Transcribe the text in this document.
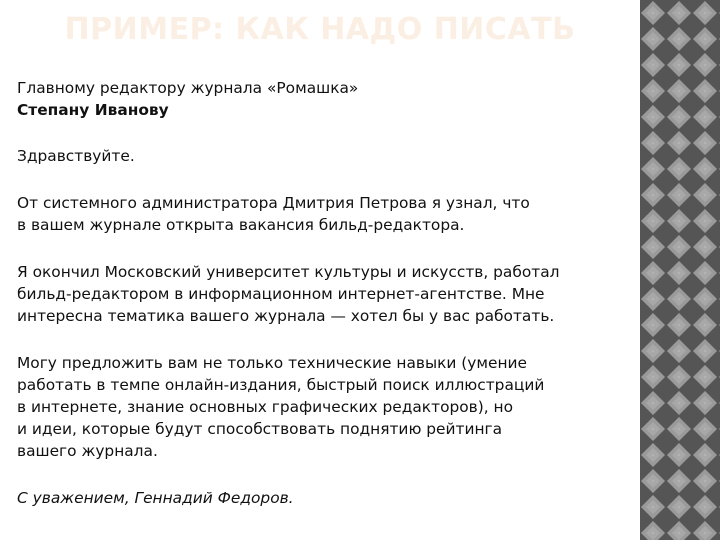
ПРИМЕР: КАК НАДО ПИСАТЬ

Главному редактору журнала «Ромашка»

Степану Иванову

Здравствуйте.

От системного администратора Дмитрия Петрова я узнал, что

в вашем журнале открыта вакансия бильд-редактора.

Я окончил Московский университет культуры и искусств, работал

бильд-редактором в информационном интернет-агентстве. Мне

интересна тематика вашего журнала — хотел бы у вас работать.

Могу предложить вам не только технические навыки (умение

работать в темпе онлайн-издания, быстрый поиск иллюстраций

в интернете, знание основных графических редакторов), но

и идеи, которые будут способствовать поднятию рейтинга

вашего журнала.

С уважением, Геннадий Федоров.
